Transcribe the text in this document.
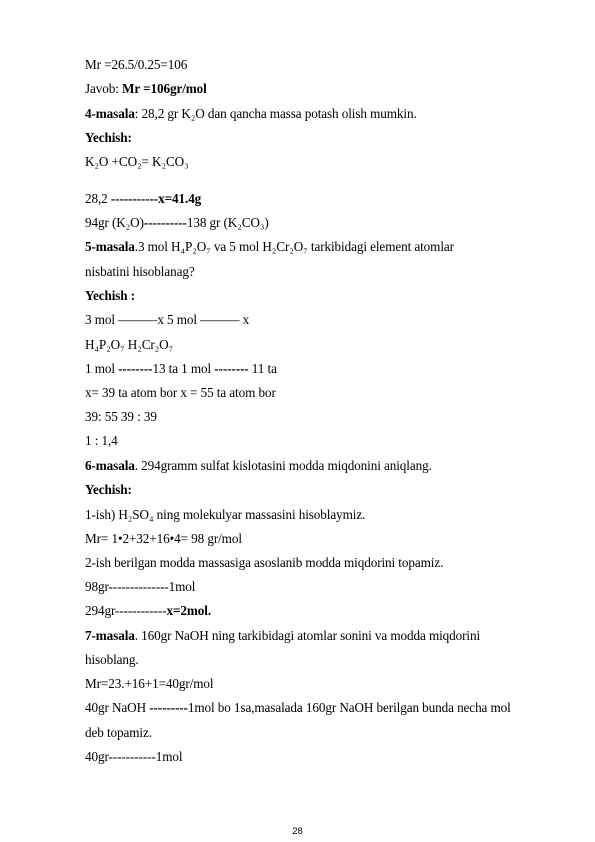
Mr =26.5/0.25=106
Javob: Mr =106gr/mol
4-masala: 28,2 gr K₂O dan qancha massa potash olish mumkin.
Yechish:
K₂O +CO₂= K₂CO₃
28,2 -----------x=41.4g
94gr (K₂O)----------138 gr (K₂CO₃)
5-masala.3 mol H₄P₂O₇ va 5 mol H₂Cr₂O₇ tarkibidagi element atomlar
nisbatini hisoblanag?
Yechish :
3 mol ———x 5 mol ——— x
H₄P₂O₇ H₂Cr₂O₇
1 mol --------13 ta 1 mol -------- 11 ta
x= 39 ta atom bor x = 55 ta atom bor
39: 55 39 : 39
1 : 1,4
6-masala. 294gramm sulfat kislotasini modda miqdonini aniqlang.
Yechish:
1-ish) H₂SO₄ ning molekulyar massasini hisoblaymiz.
Mr= 1•2+32+16•4= 98 gr/mol
2-ish berilgan modda massasiga asoslanib modda miqdorini topamiz.
98gr--------------1mol
294gr------------x=2mol.
7-masala. 160gr NaOH ning tarkibidagi atomlar sonini va modda miqdorini
hisoblang.
Mr=23.+16+1=40gr/mol
40gr NaOH ---------1mol bo 1sa,masalada 160gr NaOH berilgan bunda necha mol
deb topamiz.
40gr-----------1mol
28
